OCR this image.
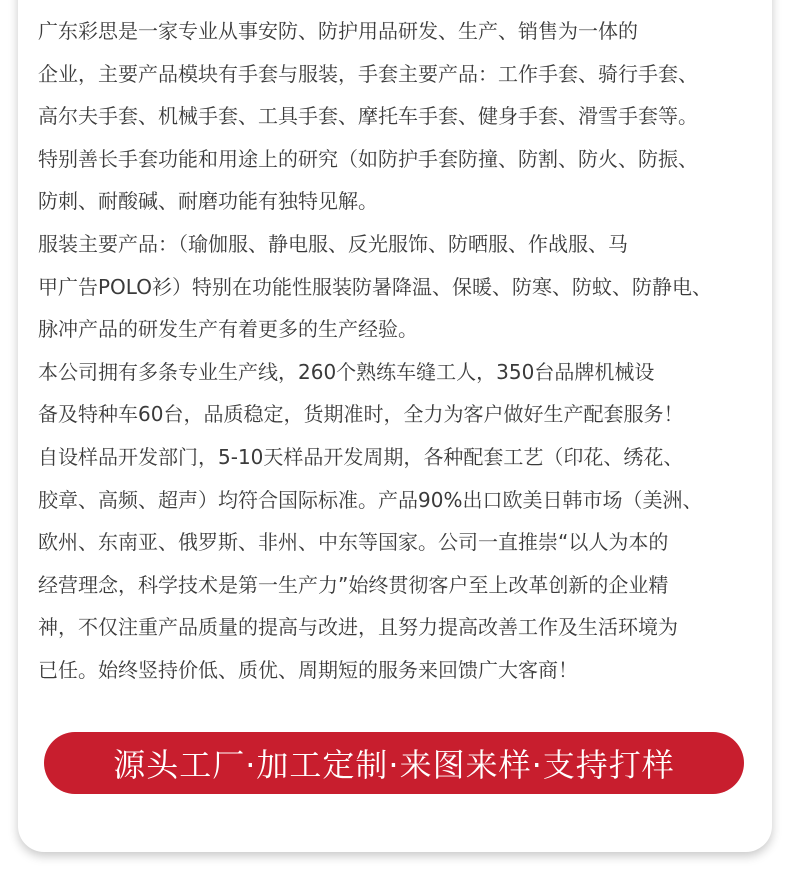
广东彩思是一家专业从事安防、防护用品研发、生产、销售为一体的
企业，主要产品模块有手套与服装，手套主要产品：工作手套、骑行手套、
高尔夫手套、机械手套、工具手套、摩托车手套、健身手套、滑雪手套等。
特别善长手套功能和用途上的研究（如防护手套防撞、防割、防火、防振、
防刺、耐酸碱、耐磨功能有独特见解。

服装主要产品：（瑜伽服、静电服、反光服饰、防晒服、作战服、马
甲广告POLO衫）特别在功能性服装防暑降温、保暖、防寒、防蚊、防静电、
脉冲产品的研发生产有着更多的生产经验。

本公司拥有多条专业生产线，260个熟练车缝工人，350台品牌机械设
备及特种车60台，品质稳定，货期准时，全力为客户做好生产配套服务！
自设样品开发部门，5-10天样品开发周期，各种配套工艺（印花、绣花、
胶章、高频、超声）均符合国际标准。产品90%出口欧美日韩市场（美洲、
欧州、东南亚、俄罗斯、非州、中东等国家。公司一直推崇“以人为本的
经营理念，科学技术是第一生产力”始终贯彻客户至上改革创新的企业精
神，不仅注重产品质量的提高与改进，且努力提高改善工作及生活环境为
已任。始终竖持价低、质优、周期短的服务来回馈广大客商！

源头工厂·加工定制·来图来样·支持打样
